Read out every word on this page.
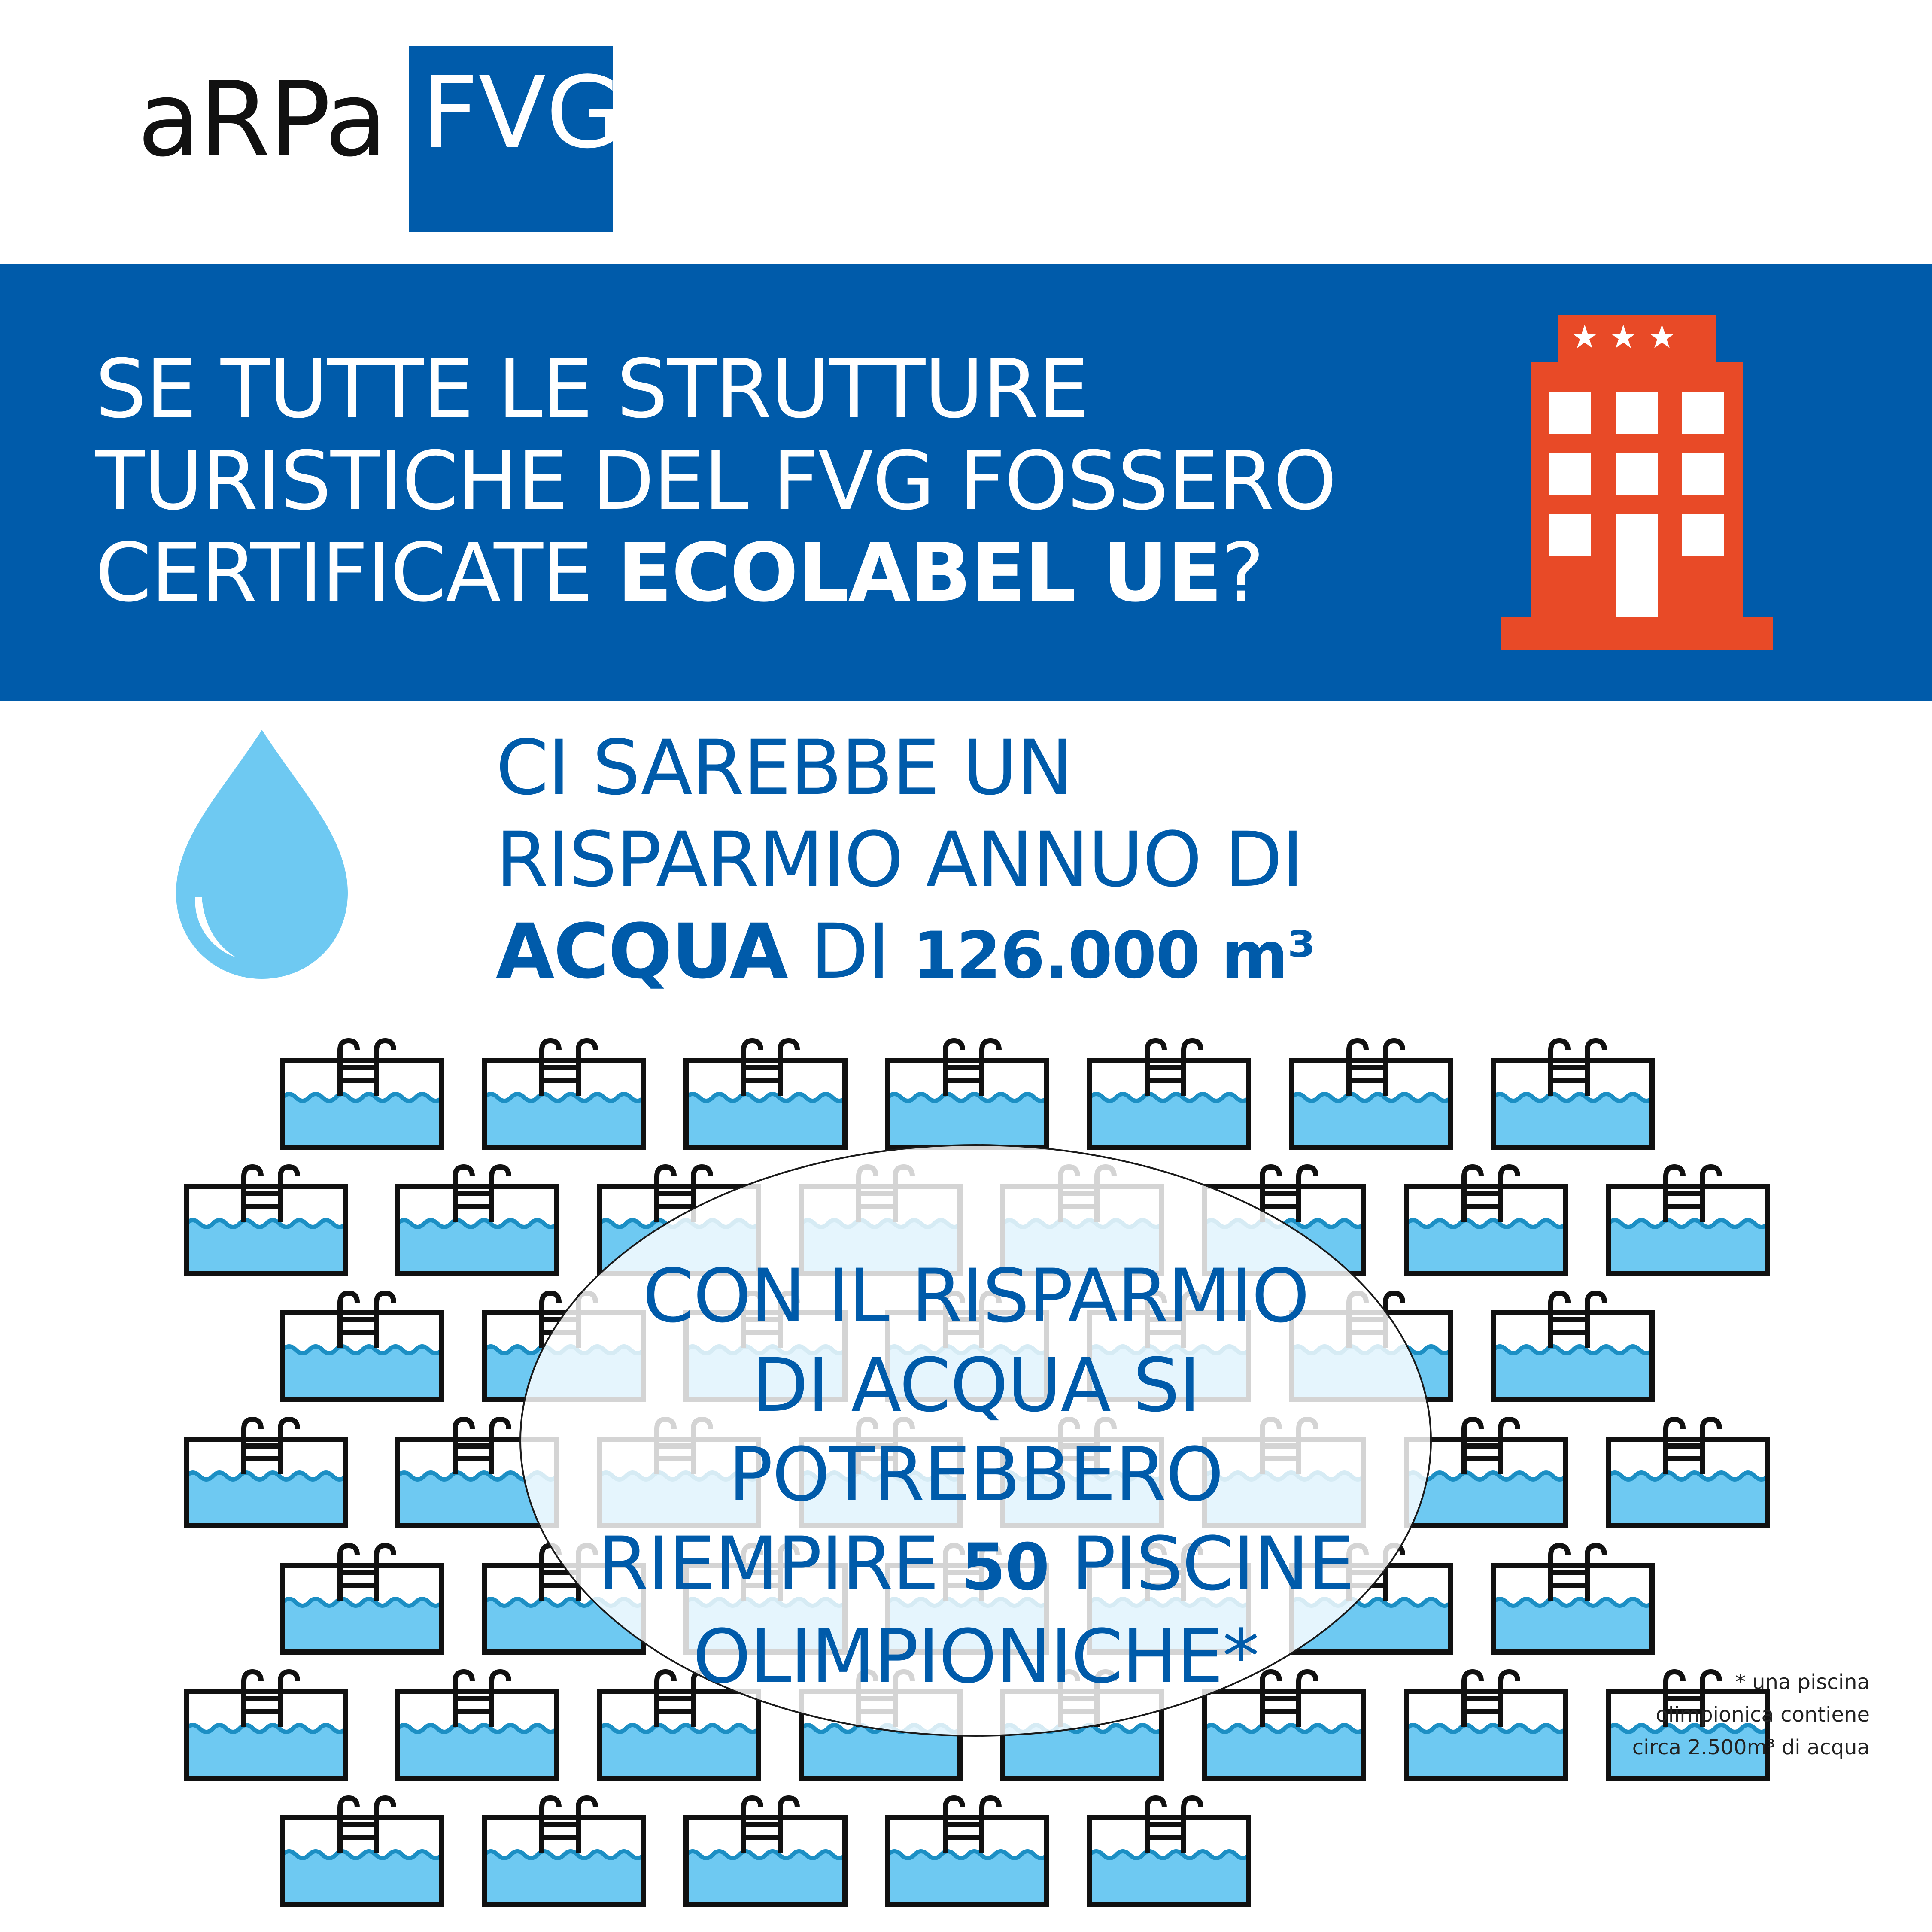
aRPa FVG
SE TUTTE LE STRUTTURE
TURISTICHE DEL FVG FOSSERO
CERTIFICATE ECOLABEL UE?
CI SAREBBE UN
RISPARMIO ANNUO DI
ACQUA DI 126.000 m³
CON IL RISPARMIO
DI ACQUA SI
POTREBBERO
RIEMPIRE 50 PISCINE
OLIMPIONICHE*	* una piscina
olimpionica contiene
circa 2.500m³ di acqua
